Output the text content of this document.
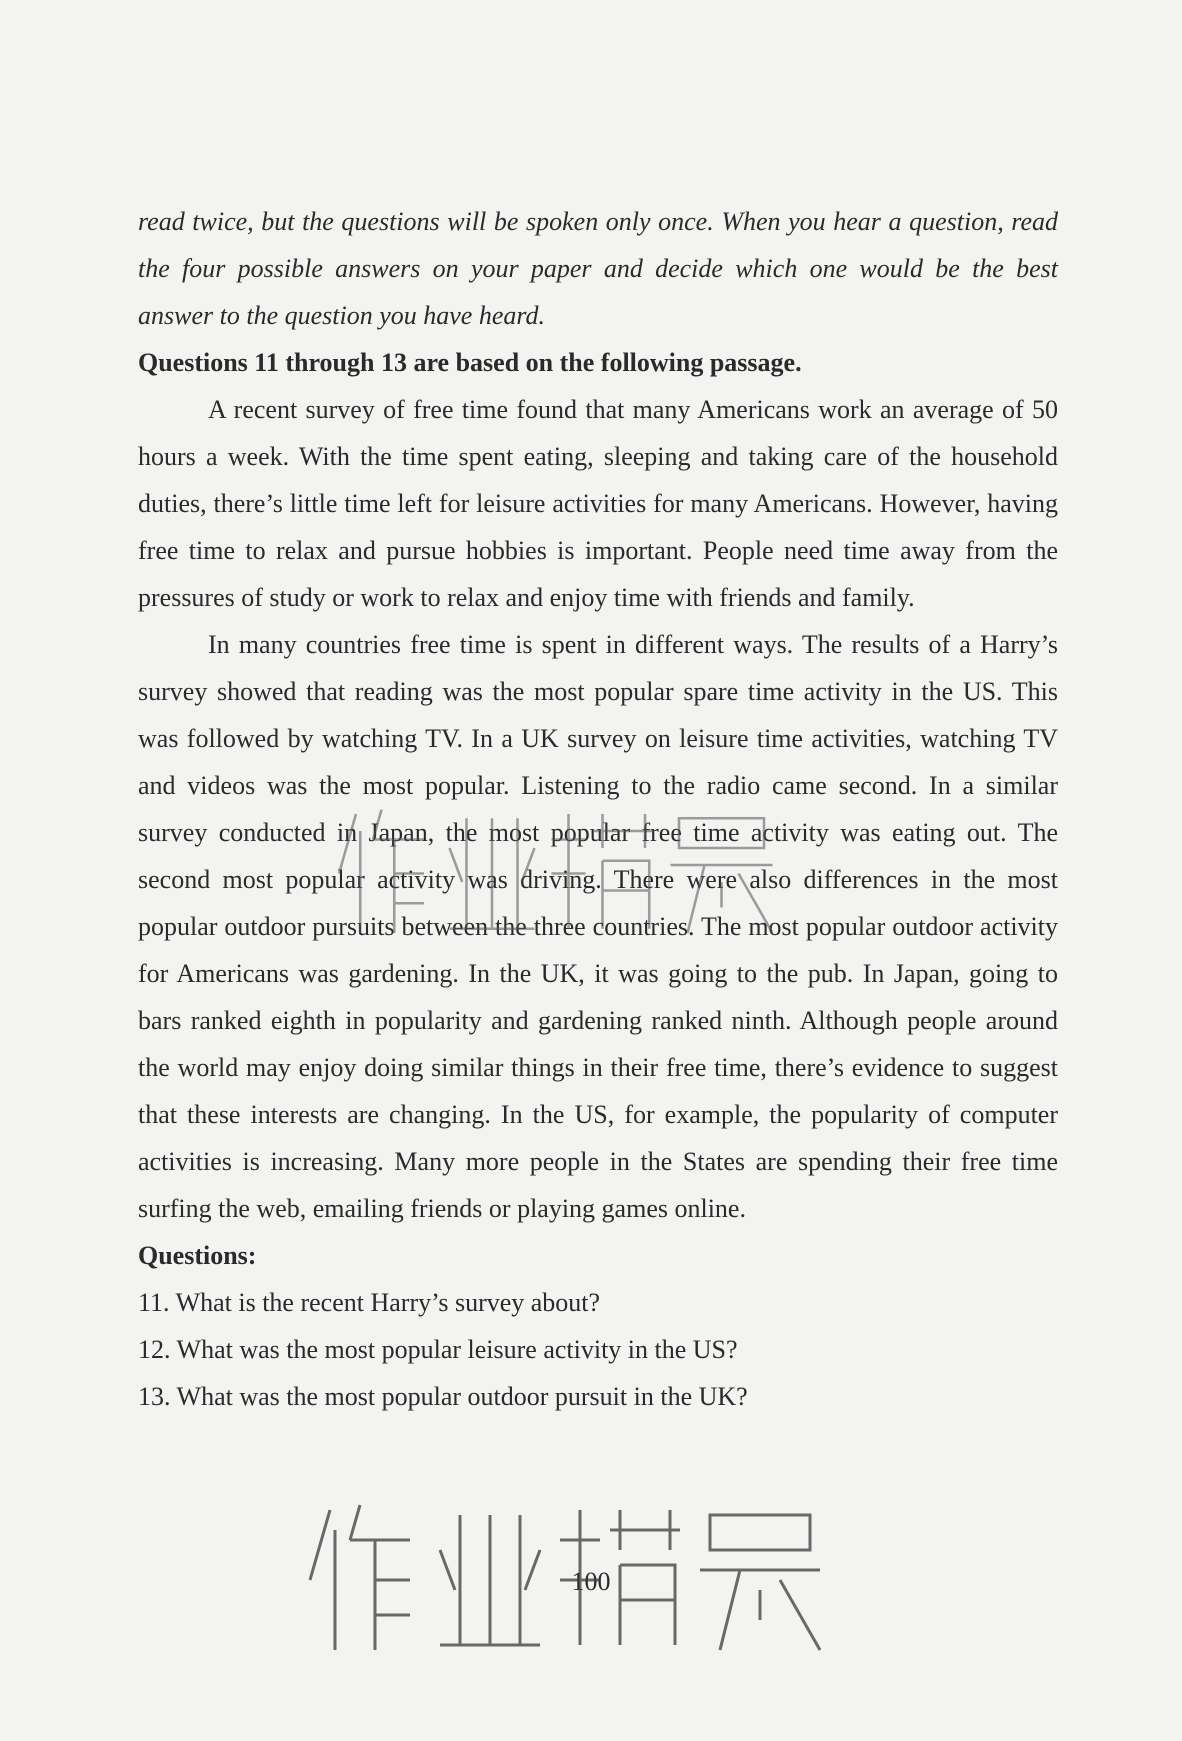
read twice, but the questions will be spoken only once. When you hear a question, read the four possible answers on your paper and decide which one would be the best answer to the question you have heard.

Questions 11 through 13 are based on the following passage.

A recent survey of free time found that many Americans work an average of 50 hours a week. With the time spent eating, sleeping and taking care of the household duties, there’s little time left for leisure activities for many Americans. However, having free time to relax and pursue hobbies is important. People need time away from the pressures of study or work to relax and enjoy time with friends and family.

In many countries free time is spent in different ways. The results of a Harry’s survey showed that reading was the most popular spare time activity in the US. This was followed by watching TV. In a UK survey on leisure time activities, watching TV and videos was the most popular. Listening to the radio came second. In a similar survey conducted in Japan, the most popular free time activity was eating out. The second most popular activity was driving. There were also differences in the most popular outdoor pursuits between the three countries. The most popular outdoor activity for Americans was gardening. In the UK, it was going to the pub. In Japan, going to bars ranked eighth in popularity and gardening ranked ninth. Although people around the world may enjoy doing similar things in their free time, there’s evidence to suggest that these interests are changing. In the US, for example, the popularity of computer activities is increasing. Many more people in the States are spending their free time surfing the web, emailing friends or playing games online.

Questions:

11. What is the recent Harry’s survey about?

12. What was the most popular leisure activity in the US?

13. What was the most popular outdoor pursuit in the UK?

100
